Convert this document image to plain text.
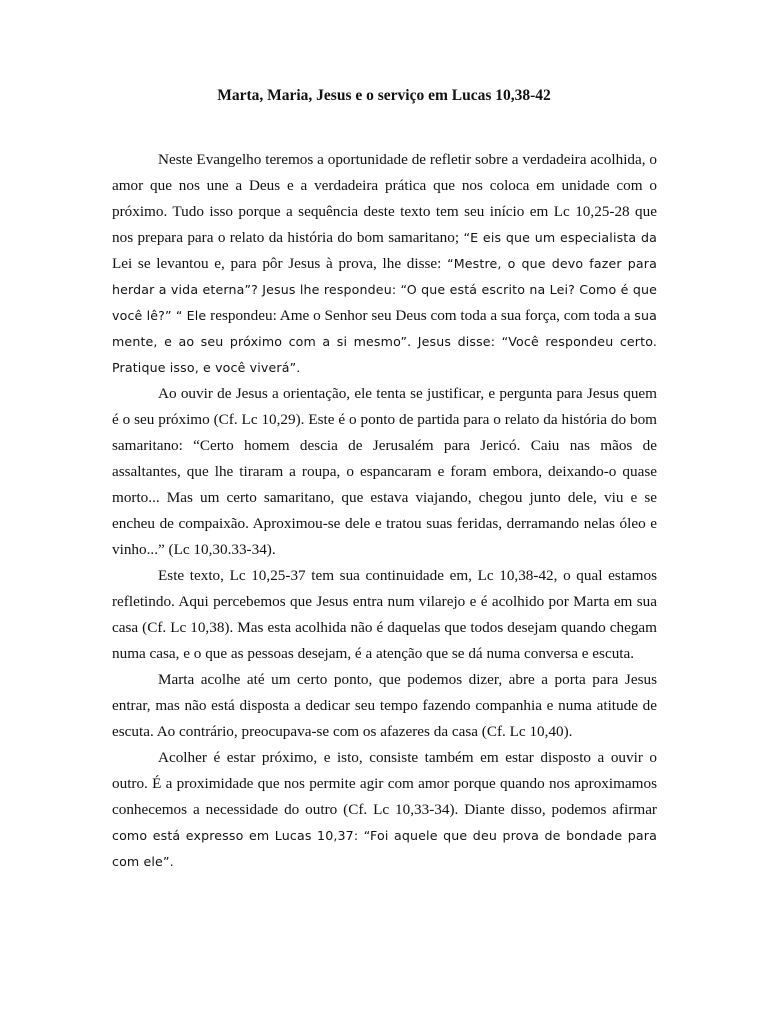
Marta, Maria, Jesus e o serviço em Lucas 10,38-42

Neste Evangelho teremos a oportunidade de refletir sobre a verdadeira acolhida, o amor que nos une a Deus e a verdadeira prática que nos coloca em unidade com o próximo. Tudo isso porque a sequência deste texto tem seu início em Lc 10,25-28 que nos prepara para o relato da história do bom samaritano; “E eis que um especialista da Lei se levantou e, para pôr Jesus à prova, lhe disse: “Mestre, o que devo fazer para herdar a vida eterna”? Jesus lhe respondeu: “O que está escrito na Lei? Como é que você lê?” “ Ele respondeu: Ame o Senhor seu Deus com toda a sua força, com toda a sua mente, e ao seu próximo com a si mesmo”. Jesus disse: “Você respondeu certo. Pratique isso, e você viverá”.

Ao ouvir de Jesus a orientação, ele tenta se justificar, e pergunta para Jesus quem é o seu próximo (Cf. Lc 10,29). Este é o ponto de partida para o relato da história do bom samaritano: “Certo homem descia de Jerusalém para Jericó. Caiu nas mãos de assaltantes, que lhe tiraram a roupa, o espancaram e foram embora, deixando-o quase morto... Mas um certo samaritano, que estava viajando, chegou junto dele, viu e se encheu de compaixão. Aproximou-se dele e tratou suas feridas, derramando nelas óleo e vinho...” (Lc 10,30.33-34).

Este texto, Lc 10,25-37 tem sua continuidade em, Lc 10,38-42, o qual estamos refletindo. Aqui percebemos que Jesus entra num vilarejo e é acolhido por Marta em sua casa (Cf. Lc 10,38). Mas esta acolhida não é daquelas que todos desejam quando chegam numa casa, e o que as pessoas desejam, é a atenção que se dá numa conversa e escuta.

Marta acolhe até um certo ponto, que podemos dizer, abre a porta para Jesus entrar, mas não está disposta a dedicar seu tempo fazendo companhia e numa atitude de escuta. Ao contrário, preocupava-se com os afazeres da casa (Cf. Lc 10,40).

Acolher é estar próximo, e isto, consiste também em estar disposto a ouvir o outro. É a proximidade que nos permite agir com amor porque quando nos aproximamos conhecemos a necessidade do outro (Cf. Lc 10,33-34). Diante disso, podemos afirmar como está expresso em Lucas 10,37: “Foi aquele que deu prova de bondade para com ele”.
